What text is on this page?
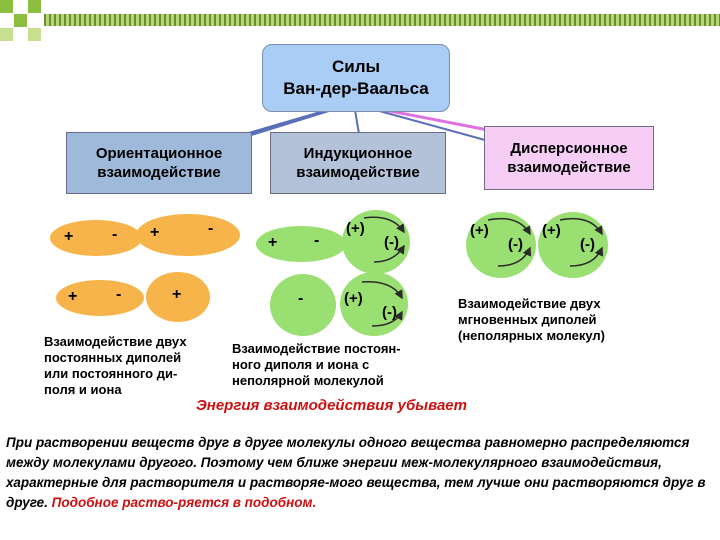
Силы
Ван-дер-Ваальса
Ориентационное
взаимодействие
Индукционное
взаимодействие
Дисперсионное
взаимодействие
+ - +	-
+ -	+
+ -
(+)
(-)
-	(+)
(-)
(+)
(-)
(+)
(-)
Взаимодействие двух
постоянных диполей
или постоянного ди-
поля и иона
Взаимодействие постоян-
ного диполя и иона с
неполярной молекулой
Взаимодействие двух
мгновенных диполей
(неполярных молекул)
Энергия взаимодействия убывает
При растворении веществ друг в друге молекулы одного вещества равномерно распределяются между молекулами другого. Поэтому чем ближе энергии меж-молекулярного взаимодействия, характерные для растворителя и растворяе-мого вещества, тем лучше они растворяются друг в друге. Подобное раство-ряется в подобном.
